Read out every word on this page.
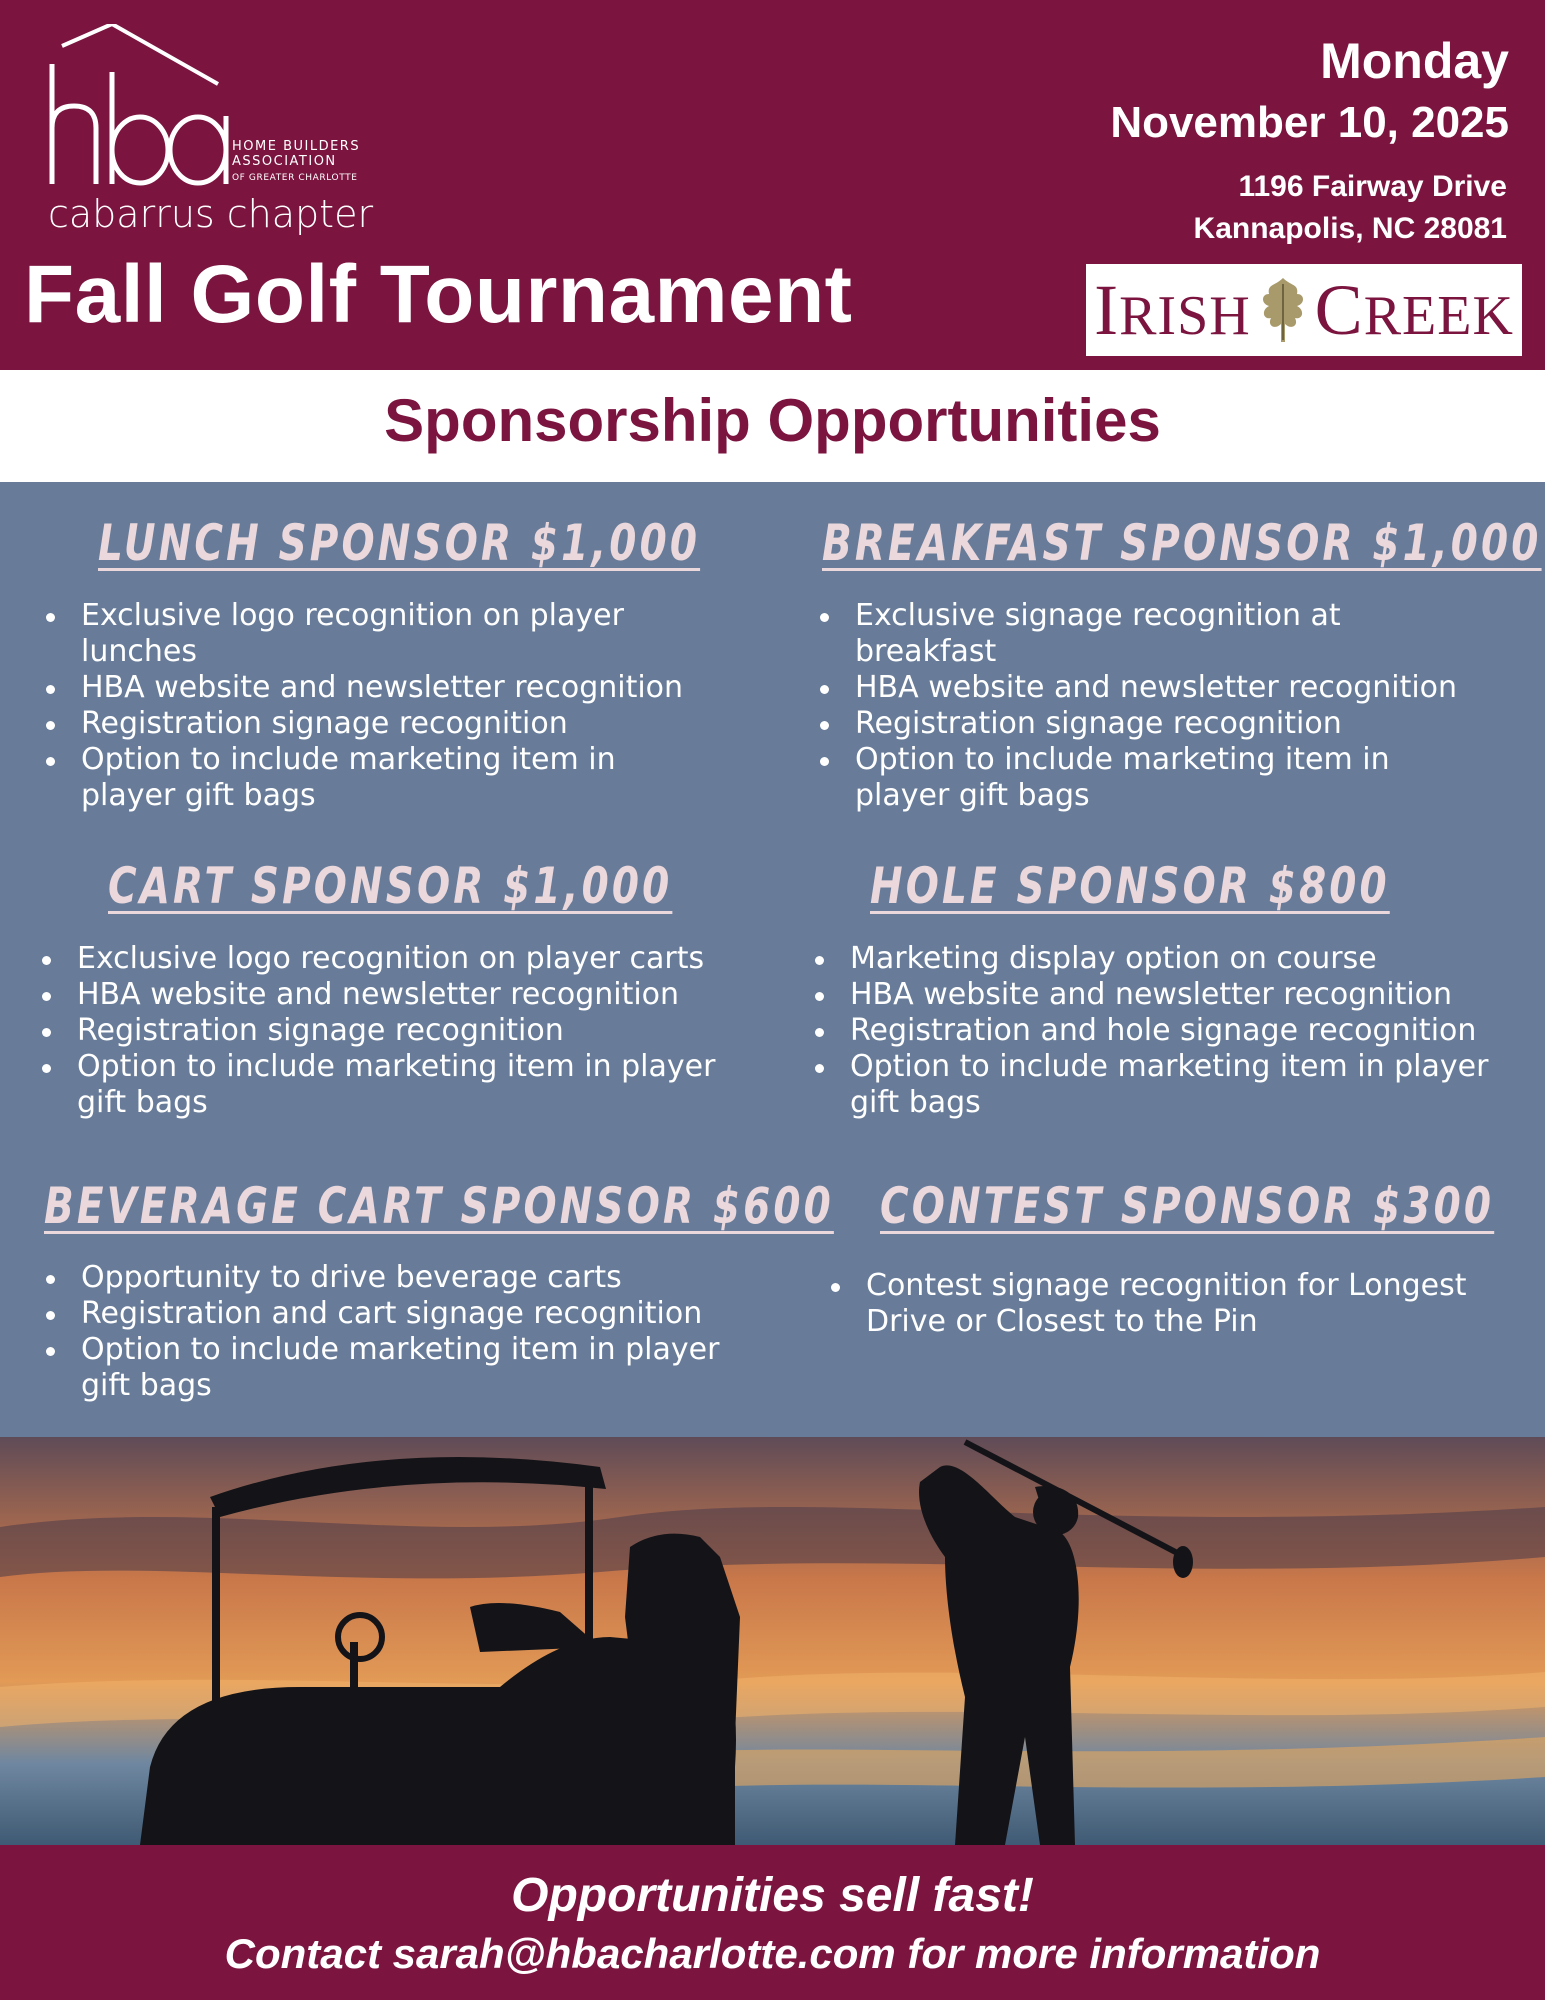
HOME BUILDERS
ASSOCIATION
OF GREATER CHARLOTTE
cabarrus chapter
Monday
November 10, 2025
1196 Fairway Drive
Kannapolis, NC 28081
Fall Golf Tournament	IRISH CREEK
Sponsorship Opportunities
LUNCH SPONSOR $1,000
Exclusive logo recognition on player lunches
HBA website and newsletter recognition
Registration signage recognition
Option to include marketing item in player gift bags
BREAKFAST SPONSOR $1,000
Exclusive signage recognition at breakfast
HBA website and newsletter recognition
Registration signage recognition
Option to include marketing item in player gift bags
CART SPONSOR $1,000
Exclusive logo recognition on player carts
HBA website and newsletter recognition
Registration signage recognition
Option to include marketing item in player gift bags
HOLE SPONSOR $800
Marketing display option on course
HBA website and newsletter recognition
Registration and hole signage recognition
Option to include marketing item in player gift bags
BEVERAGE CART SPONSOR $600
Opportunity to drive beverage carts
Registration and cart signage recognition
Option to include marketing item in player gift bags
CONTEST SPONSOR $300
Contest signage recognition for Longest Drive or Closest to the Pin
Opportunities sell fast!
Contact sarah@hbacharlotte.com for more information
